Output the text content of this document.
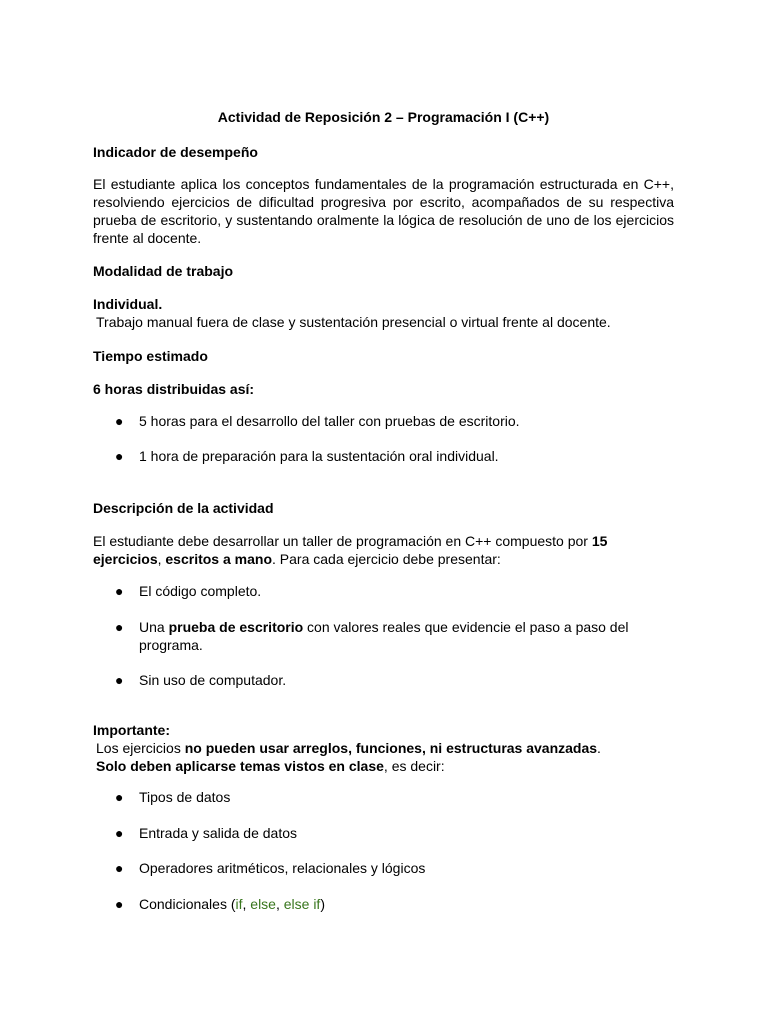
Actividad de Reposición 2 – Programación I (C++)
Indicador de desempeño
El estudiante aplica los conceptos fundamentales de la programación estructurada en C++, resolviendo ejercicios de dificultad progresiva por escrito, acompañados de su respectiva prueba de escritorio, y sustentando oralmente la lógica de resolución de uno de los ejercicios frente al docente.
Modalidad de trabajo
Individual.
Trabajo manual fuera de clase y sustentación presencial o virtual frente al docente.
Tiempo estimado
6 horas distribuidas así:
● 5 horas para el desarrollo del taller con pruebas de escritorio.
● 1 hora de preparación para la sustentación oral individual.
Descripción de la actividad
El estudiante debe desarrollar un taller de programación en C++ compuesto por 15
ejercicios, escritos a mano. Para cada ejercicio debe presentar:
● El código completo.
● Una prueba de escritorio con valores reales que evidencie el paso a paso del
programa.
● Sin uso de computador.
Importante:
Los ejercicios no pueden usar arreglos, funciones, ni estructuras avanzadas.
Solo deben aplicarse temas vistos en clase, es decir:
● Tipos de datos
● Entrada y salida de datos
● Operadores aritméticos, relacionales y lógicos
● Condicionales (if, else, else if)
